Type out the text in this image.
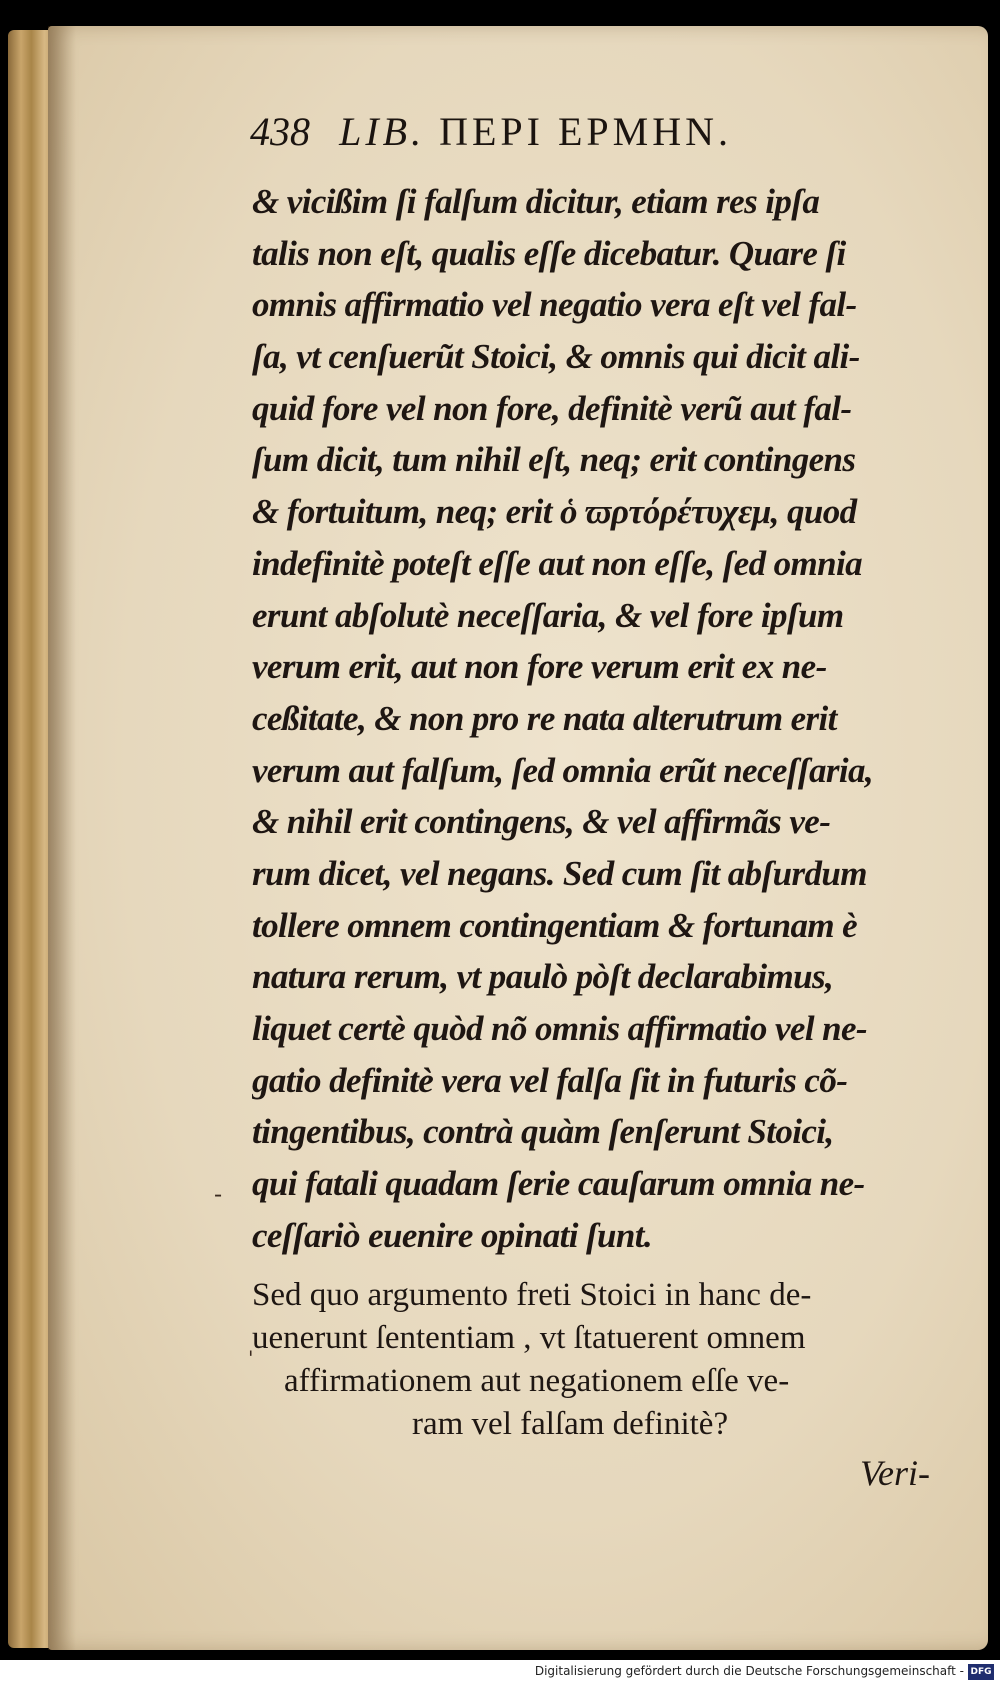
438 LIB. ΠΕΡΙ ΕΡΜΗΝ.
& vicißim ſi falſum dicitur, etiam res ipſa
talis non eſt, qualis eſſe dicebatur. Quare ſi
omnis affirmatio vel negatio vera eſt vel fal-
ſa, vt cenſuerũt Stoici, & omnis qui dicit ali-
quid fore vel non fore, definitè verũ aut fal-
ſum dicit, tum nihil eſt, neq; erit contingens
& fortuitum, neq; erit ὁ ϖρτόρέτυχεμ, quod
indefinitè poteſt eſſe aut non eſſe, ſed omnia
erunt abſolutè neceſſaria, & vel fore ipſum
verum erit, aut non fore verum erit ex ne-
ceßitate, & non pro re nata alterutrum erit
verum aut falſum, ſed omnia erũt neceſſaria,
& nihil erit contingens, & vel affirmãs ve-
rum dicet, vel negans. Sed cum ſit abſurdum
tollere omnem contingentiam & fortunam è
natura rerum, vt paulò pòſt declarabimus,
liquet certè quòd nõ omnis affirmatio vel ne-
gatio definitè vera vel falſa ſit in futuris cõ-
tingentibus, contrà quàm ſenſerunt Stoici,
qui fatali quadam ſerie cauſarum omnia ne-
ceſſariò euenire opinati ſunt.
-
Sed quo argumento freti Stoici in hanc de-
uenerunt ſententiam , vt ſtatuerent omnem
affirmationem aut negationem eſſe ve-
ram vel falſam definitè?
'
Veri-
Digitalisierung gefördert durch die Deutsche Forschungsgemeinschaft - DFG
